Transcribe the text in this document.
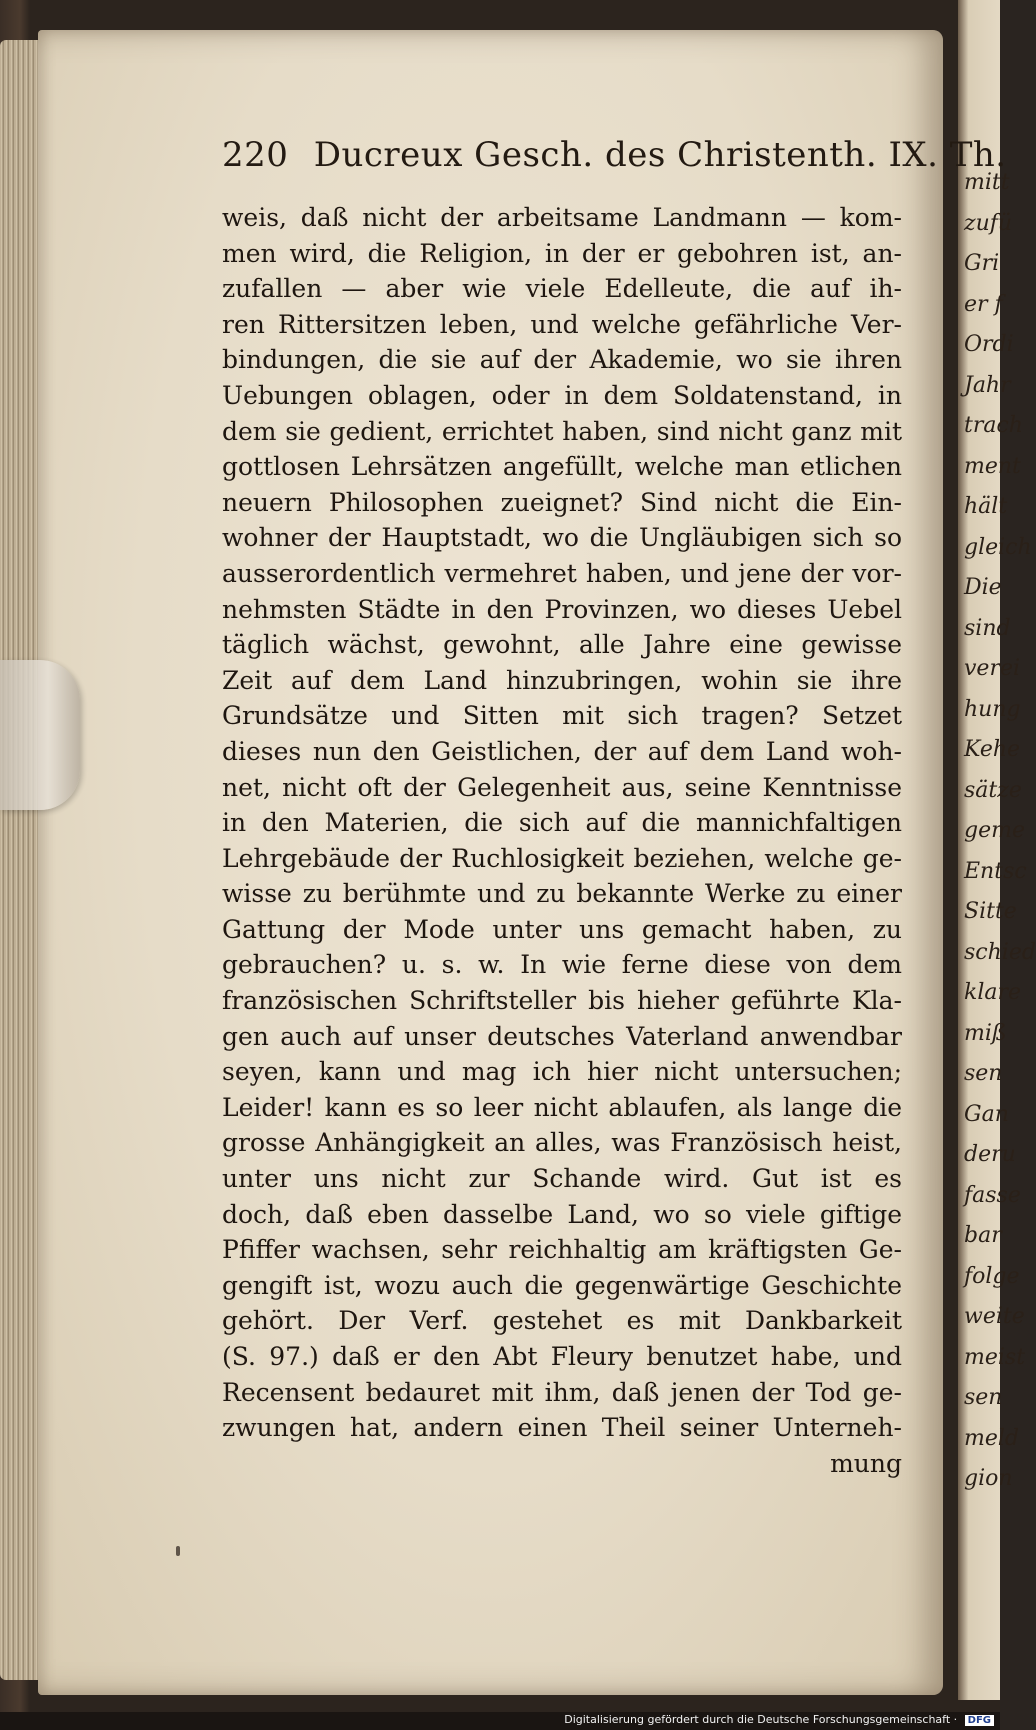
mitt
zufü
Gri
er f
Ordi
Jahr
trach
ment
hält
gleich
Die
sind
verei
hung
Kehe
sätze
geme
Entsc
Sitte
schied
klare
miß
sen
Gan
deru
fasse
bar
folge
weite
meist
sen
meld
gion
220 Ducreux Gesch. des Christenth. IX. Th.
weis, daß nicht der arbeitsame Landmann — kom-
men wird, die Religion, in der er gebohren ist, an-
zufallen — aber wie viele Edelleute, die auf ih-
ren Rittersitzen leben, und welche gefährliche Ver-
bindungen, die sie auf der Akademie, wo sie ihren
Uebungen oblagen, oder in dem Soldatenstand, in
dem sie gedient, errichtet haben, sind nicht ganz mit
gottlosen Lehrsätzen angefüllt, welche man etlichen
neuern Philosophen zueignet? Sind nicht die Ein-
wohner der Hauptstadt, wo die Ungläubigen sich so
ausserordentlich vermehret haben, und jene der vor-
nehmsten Städte in den Provinzen, wo dieses Uebel
täglich wächst, gewohnt, alle Jahre eine gewisse
Zeit auf dem Land hinzubringen, wohin sie ihre
Grundsätze und Sitten mit sich tragen? Setzet
dieses nun den Geistlichen, der auf dem Land woh-
net, nicht oft der Gelegenheit aus, seine Kenntnisse
in den Materien, die sich auf die mannichfaltigen
Lehrgebäude der Ruchlosigkeit beziehen, welche ge-
wisse zu berühmte und zu bekannte Werke zu einer
Gattung der Mode unter uns gemacht haben, zu
gebrauchen? u. s. w. In wie ferne diese von dem
französischen Schriftsteller bis hieher geführte Kla-
gen auch auf unser deutsches Vaterland anwendbar
seyen, kann und mag ich hier nicht untersuchen;
Leider! kann es so leer nicht ablaufen, als lange die
grosse Anhängigkeit an alles, was Französisch heist,
unter uns nicht zur Schande wird. Gut ist es
doch, daß eben dasselbe Land, wo so viele giftige
Pfiffer wachsen, sehr reichhaltig am kräftigsten Ge-
gengift ist, wozu auch die gegenwärtige Geschichte
gehört. Der Verf. gestehet es mit Dankbarkeit
(S. 97.) daß er den Abt Fleury benutzet habe, und
Recensent bedauret mit ihm, daß jenen der Tod ge-
zwungen hat, andern einen Theil seiner Unterneh-
mung
Digitalisierung gefördert durch die Deutsche Forschungsgemeinschaft · DFG
